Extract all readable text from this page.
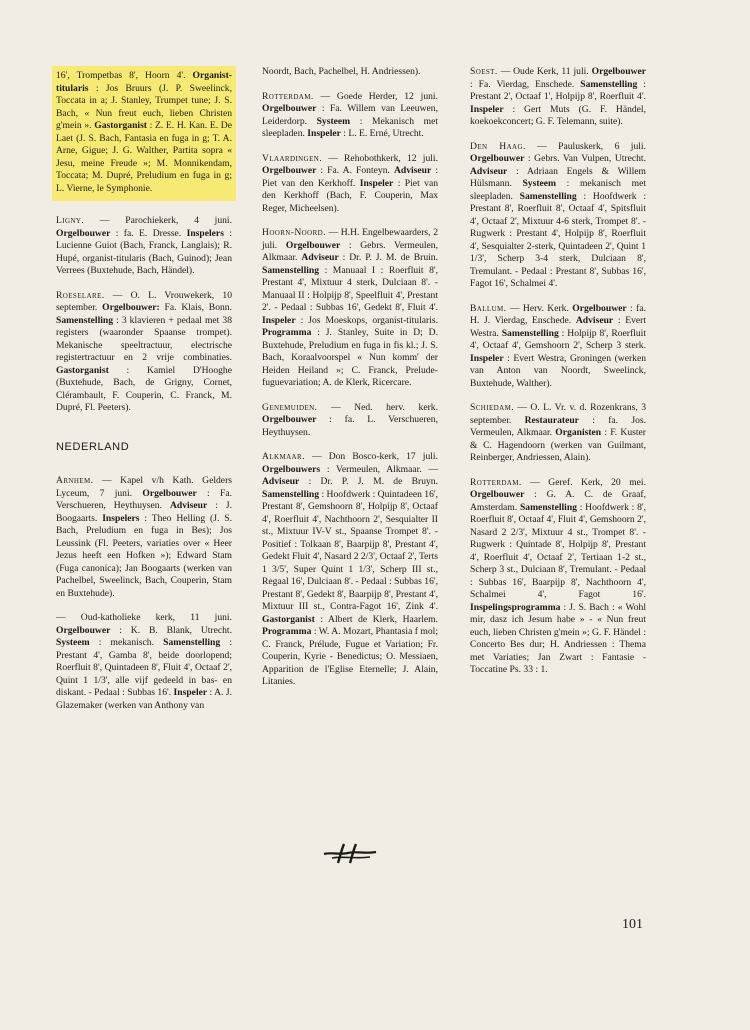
16', Trompetbas 8', Hoorn 4'. Organist-titularis : Jos Bruurs (J. P. Sweelinck, Toccata in a; J. Stanley, Trumpet tune; J. S. Bach, « Nun freut euch, lieben Christen g'mein ». Gastorganist : Z. E. H. Kan. E. De Laet (J. S. Bach, Fantasia en fuga in g; T. A. Arne, Gigue; J. G. Walther, Partita sopra « Jesu, meine Freude »; M. Monnikendam, Toccata; M. Dupré, Preludium en fuga in g; L. Vierne, le Symphonie.

Ligny. — Parochiekerk, 4 juni. Orgelbouwer : fa. E. Dresse. Inspelers : Lucienne Guiot (Bach, Franck, Langlais); R. Hupé, organist-titularis (Bach, Guinod); Jean Verrees (Buxtehude, Bach, Händel).

Roeselare. — O. L. Vrouwekerk, 10 september. Orgelbouwer: Fa. Klais, Bonn. Samenstelling : 3 klavieren + pedaal met 38 registers (waaronder Spaanse trompet). Mekanische speeltractuur, electrische registertractuur en 2 vrije combinaties. Gastorganist : Kamiel D'Hooghe (Buxtehude, Bach, de Grigny, Cornet, Clérambault, F. Couperin, C. Franck, M. Dupré, Fl. Peeters).

NEDERLAND

Arnhem. — Kapel v/h Kath. Gelders Lyceum, 7 juni. Orgelbouwer : Fa. Verschueren, Heythuysen. Adviseur : J. Boogaarts. Inspelers : Theo Helling (J. S. Bach, Preludium en fuga in Bes); Jos Leussink (Fl. Peeters, variaties over « Heer Jezus heeft een Hofken »); Edward Stam (Fuga canonica); Jan Boogaarts (werken van Pachelbel, Sweelinck, Bach, Couperin, Stam en Buxtehude).

— Oud-katholieke kerk, 11 juni. Orgelbouwer : K. B. Blank, Utrecht. Systeem : mekanisch. Samenstelling : Prestant 4', Gamba 8', beide doorlopend; Roerfluit 8', Quintadeen 8', Fluit 4', Octaaf 2', Quint 1 1/3', alle vijf gedeeld in bas- en diskant. - Pedaal : Subbas 16'. Inspeler : A. J. Glazemaker (werken van Anthony van

Noordt, Bach, Pachelbel, H. Andriessen).

Rotterdam. — Goede Herder, 12 juni. Orgelbouwer : Fa. Willem van Leeuwen, Leiderdorp. Systeem : Mekanisch met sleepladen. Inspeler : L. E. Erné, Utrecht.

Vlaardingen. — Rehobothkerk, 12 juli. Orgelbouwer : Fa. A. Fonteyn. Adviseur : Piet van den Kerkhoff. Inspeler : Piet van den Kerkhoff (Bach, F. Couperin, Max Reger, Micheelsen).

Hoorn-Noord. — H.H. Engelbewaarders, 2 juli. Orgelbouwer : Gebrs. Vermeulen, Alkmaar. Adviseur : Dr. P. J. M. de Bruin. Samenstelling : Manuaal I : Roerfluit 8', Prestant 4', Mixtuur 4 sterk, Dulciaan 8'. - Manuaal II : Holpijp 8', Speelfluit 4', Prestant 2'. - Pedaal : Subbas 16', Gedekt 8', Fluit 4'. Inspeler : Jos Moeskops, organist-titularis. Programma : J. Stanley, Suite in D; D. Buxtehude, Preludium en fuga in fis kl.; J. S. Bach, Koraalvoorspel « Nun komm' der Heiden Heiland »; C. Franck, Prelude-fuguevariation; A. de Klerk, Ricercare.

Genemuiden. — Ned. herv. kerk. Orgelbouwer : fa. L. Verschueren, Heythuysen.

Alkmaar. — Don Bosco-kerk, 17 juli. Orgelbouwers : Vermeulen, Alkmaar. — Adviseur : Dr. P. J. M. de Bruyn. Samenstelling : Hoofdwerk : Quintadeen 16', Prestant 8', Gemshoorn 8', Holpijp 8', Octaaf 4', Roerfluit 4', Nachthoorn 2', Sesquialter II st., Mixtuur IV-V st., Spaanse Trompet 8'. - Positief : Tolkaan 8', Baarpijp 8', Prestant 4', Gedekt Fluit 4', Nasard 2 2/3', Octaaf 2', Terts 1 3/5', Super Quint 1 1/3', Scherp III st., Regaal 16', Dulciaan 8'. - Pedaal : Subbas 16', Prestant 8', Gedekt 8', Baarpijp 8', Prestant 4', Mixtuur III st., Contra-Fagot 16', Zink 4'. Gastorganist : Albert de Klerk, Haarlem. Programma : W. A. Mozart, Phantasia f mol; C. Franck, Prélude, Fugue et Variation; Fr. Couperin, Kyrie - Benedictus; O. Messiaen, Apparition de l'Eglise Eternelle; J. Alain, Litanies.

Soest. — Oude Kerk, 11 juli. Orgelbouwer : Fa. Vierdag, Enschede. Samenstelling : Prestant 2', Octaaf 1', Holpijp 8', Roerfluit 4'. Inspeler : Gert Muts (G. F. Händel, koekoekconcert; G. F. Telemann, suite).

Den Haag. — Pauluskerk, 6 juli. Orgelbouwer : Gebrs. Van Vulpen, Utrecht. Adviseur : Adriaan Engels & Willem Hülsmann. Systeem : mekanisch met sleepladen. Samenstelling : Hoofdwerk : Prestant 8', Roerfluit 8', Octaaf 4', Spitsfluit 4', Octaaf 2', Mixtuur 4-6 sterk, Trompet 8'. - Rugwerk : Prestant 4', Holpijp 8', Roerfluit 4', Sesquialter 2-sterk, Quintadeen 2', Quint 1 1/3', Scherp 3-4 sterk, Dulciaan 8', Tremulant. - Pedaal : Prestant 8', Subbas 16', Fagot 16', Schalmei 4'.

Ballum. — Herv. Kerk. Orgelbouwer : fa. H. J. Vierdag, Enschede. Adviseur : Evert Westra. Samenstelling : Holpijp 8', Roerfluit 4', Octaaf 4', Gemshoorn 2', Scherp 3 sterk. Inspeler : Evert Westra, Groningen (werken van Anton van Noordt, Sweelinck, Buxtehude, Walther).

Schiedam. — O. L. Vr. v. d. Rozenkrans, 3 september. Restaurateur : fa. Jos. Vermeulen, Alkmaar. Organisten : F. Kuster & C. Hagendoorn (werken van Guilmant, Reinberger, Andriessen, Alain).

Rotterdam. — Geref. Kerk, 20 mei. Orgelbouwer : G. A. C. de Graaf, Amsterdam. Samenstelling : Hoofdwerk : 8', Roerfluit 8', Octaaf 4', Fluit 4', Gemshoorn 2', Nasard 2 2/3', Mixtuur 4 st., Trompet 8'. - Rugwerk : Quintade 8', Holpijp 8', Prestant 4', Roerfluit 4', Octaaf 2', Tertiaan 1-2 st., Scherp 3 st., Dulciaan 8', Tremulant. - Pedaal : Subbas 16', Baarpijp 8', Nachthoorn 4', Schalmei 4', Fagot 16'. Inspelingsprogramma : J. S. Bach : « Wohl mir, dasz ich Jesum habe » - « Nun freut euch, lieben Christen g'mein »; G. F. Händel : Concerto Bes dur; H. Andriessen : Thema met Variaties; Jan Zwart : Fantasie - Toccatine Ps. 33 : 1.

101
